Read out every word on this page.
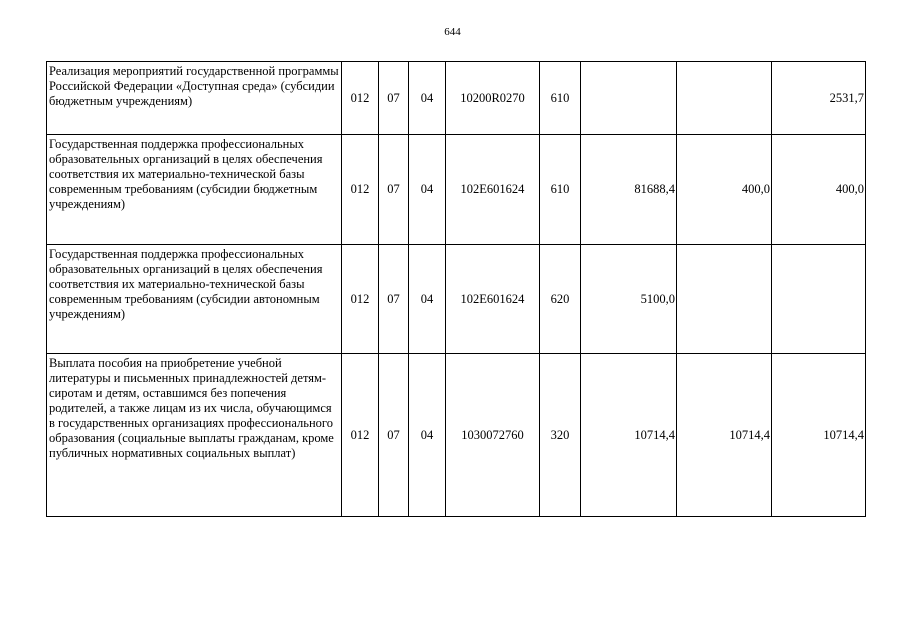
644
Реализация мероприятий государственной программы Российской Федерации «Доступная среда» (субсидии бюджетным учреждениям)	012	07	04	10200R0270	610			2531,7
Государственная поддержка профессиональных образовательных организаций в целях обеспечения соответствия их материально-технической базы современным требованиям (субсидии бюджетным учреждениям)	012	07	04	102E601624	610	81688,4	400,0	400,0
Государственная поддержка профессиональных образовательных организаций в целях обеспечения соответствия их материально-технической базы современным требованиям (субсидии автономным учреждениям)	012	07	04	102E601624	620	5100,0		
Выплата пособия на приобретение учебной литературы и письменных принадлежностей детям-сиротам и детям, оставшимся без попечения родителей, а также лицам из их числа, обучающимся в государственных организациях профессионального образования (социальные выплаты гражданам, кроме публичных нормативных социальных выплат)	012	07	04	1030072760	320	10714,4	10714,4	10714,4
